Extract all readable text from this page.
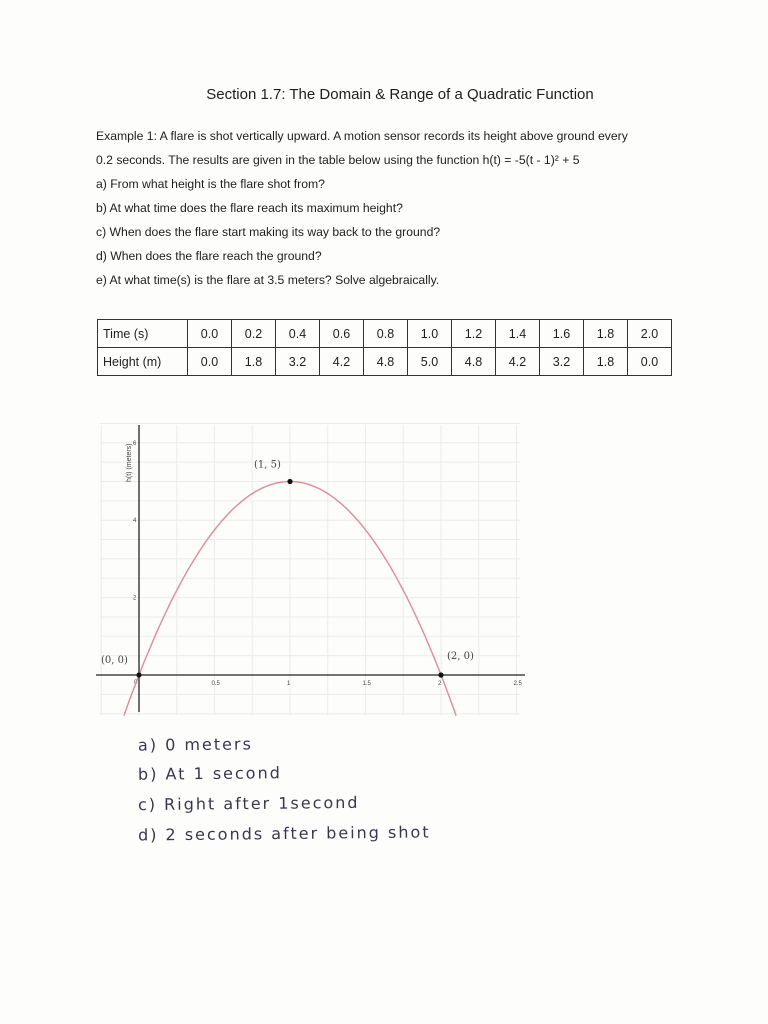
Section 1.7: The Domain & Range of a Quadratic Function

Example 1: A flare is shot vertically upward. A motion sensor records its height above ground every

0.2 seconds. The results are given in the table below using the function h(t) = -5(t - 1)² + 5

a) From what height is the flare shot from?

b) At what time does the flare reach its maximum height?

c) When does the flare start making its way back to the ground?

d) When does the flare reach the ground?

e) At what time(s) is the flare at 3.5 meters? Solve algebraically.

Time (s)	0.0	0.2	0.4	0.6	0.8	1.0	1.2	1.4	1.6	1.8	2.0
Height (m)	0.0	1.8	3.2	4.2	4.8	5.0	4.8	4.2	3.2	1.8	0.0
0.5	1	1.5	2	2.5
2
4
6
0
h(t) (meters)
(0, 0)
(1, 5)
(2, 0)
a) 0 meters
b) At 1 second
c) Right after 1second
d) 2 seconds after being shot
